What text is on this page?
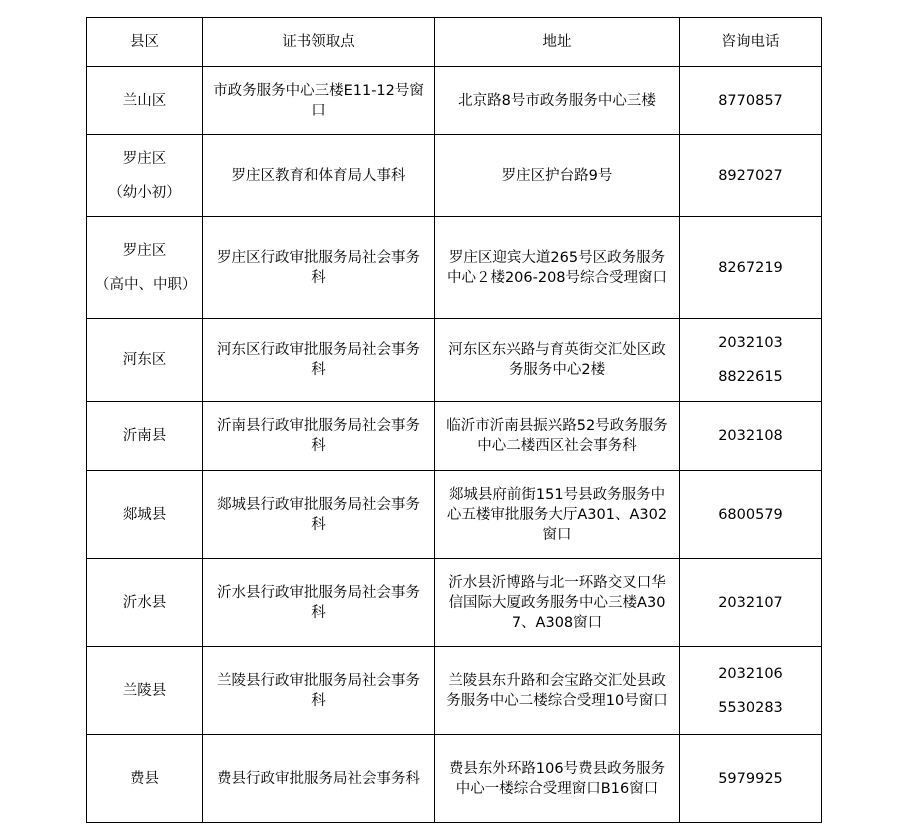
县区	证书领取点	地址	咨询电话

兰山区	市政务服务中心三楼E11-12号窗口	北京路8号市政务服务中心三楼	8770857

罗庄区
（幼小初）	罗庄区教育和体育局人事科	罗庄区护台路9号	8927027

罗庄区
（高中、中职）	罗庄区行政审批服务局社会事务科	罗庄区迎宾大道265号区政务服务中心２楼206-208号综合受理窗口	8267219

河东区	河东区行政审批服务局社会事务科	河东区东兴路与育英街交汇处区政务服务中心2楼	2032103
8822615

沂南县	沂南县行政审批服务局社会事务科	临沂市沂南县振兴路52号政务服务中心二楼西区社会事务科	2032108

郯城县	郯城县行政审批服务局社会事务科	郯城县府前街151号县政务服务中心五楼审批服务大厅A301、A302窗口	6800579

沂水县	沂水县行政审批服务局社会事务科	沂水县沂博路与北一环路交叉口华信国际大厦政务服务中心三楼A307、A308窗口	2032107

兰陵县	兰陵县行政审批服务局社会事务科	兰陵县东升路和会宝路交汇处县政务服务中心二楼综合受理10号窗口	2032106
5530283

费县	费县行政审批服务局社会事务科	费县东外环路106号费县政务服务中心一楼综合受理窗口B16窗口	5979925
